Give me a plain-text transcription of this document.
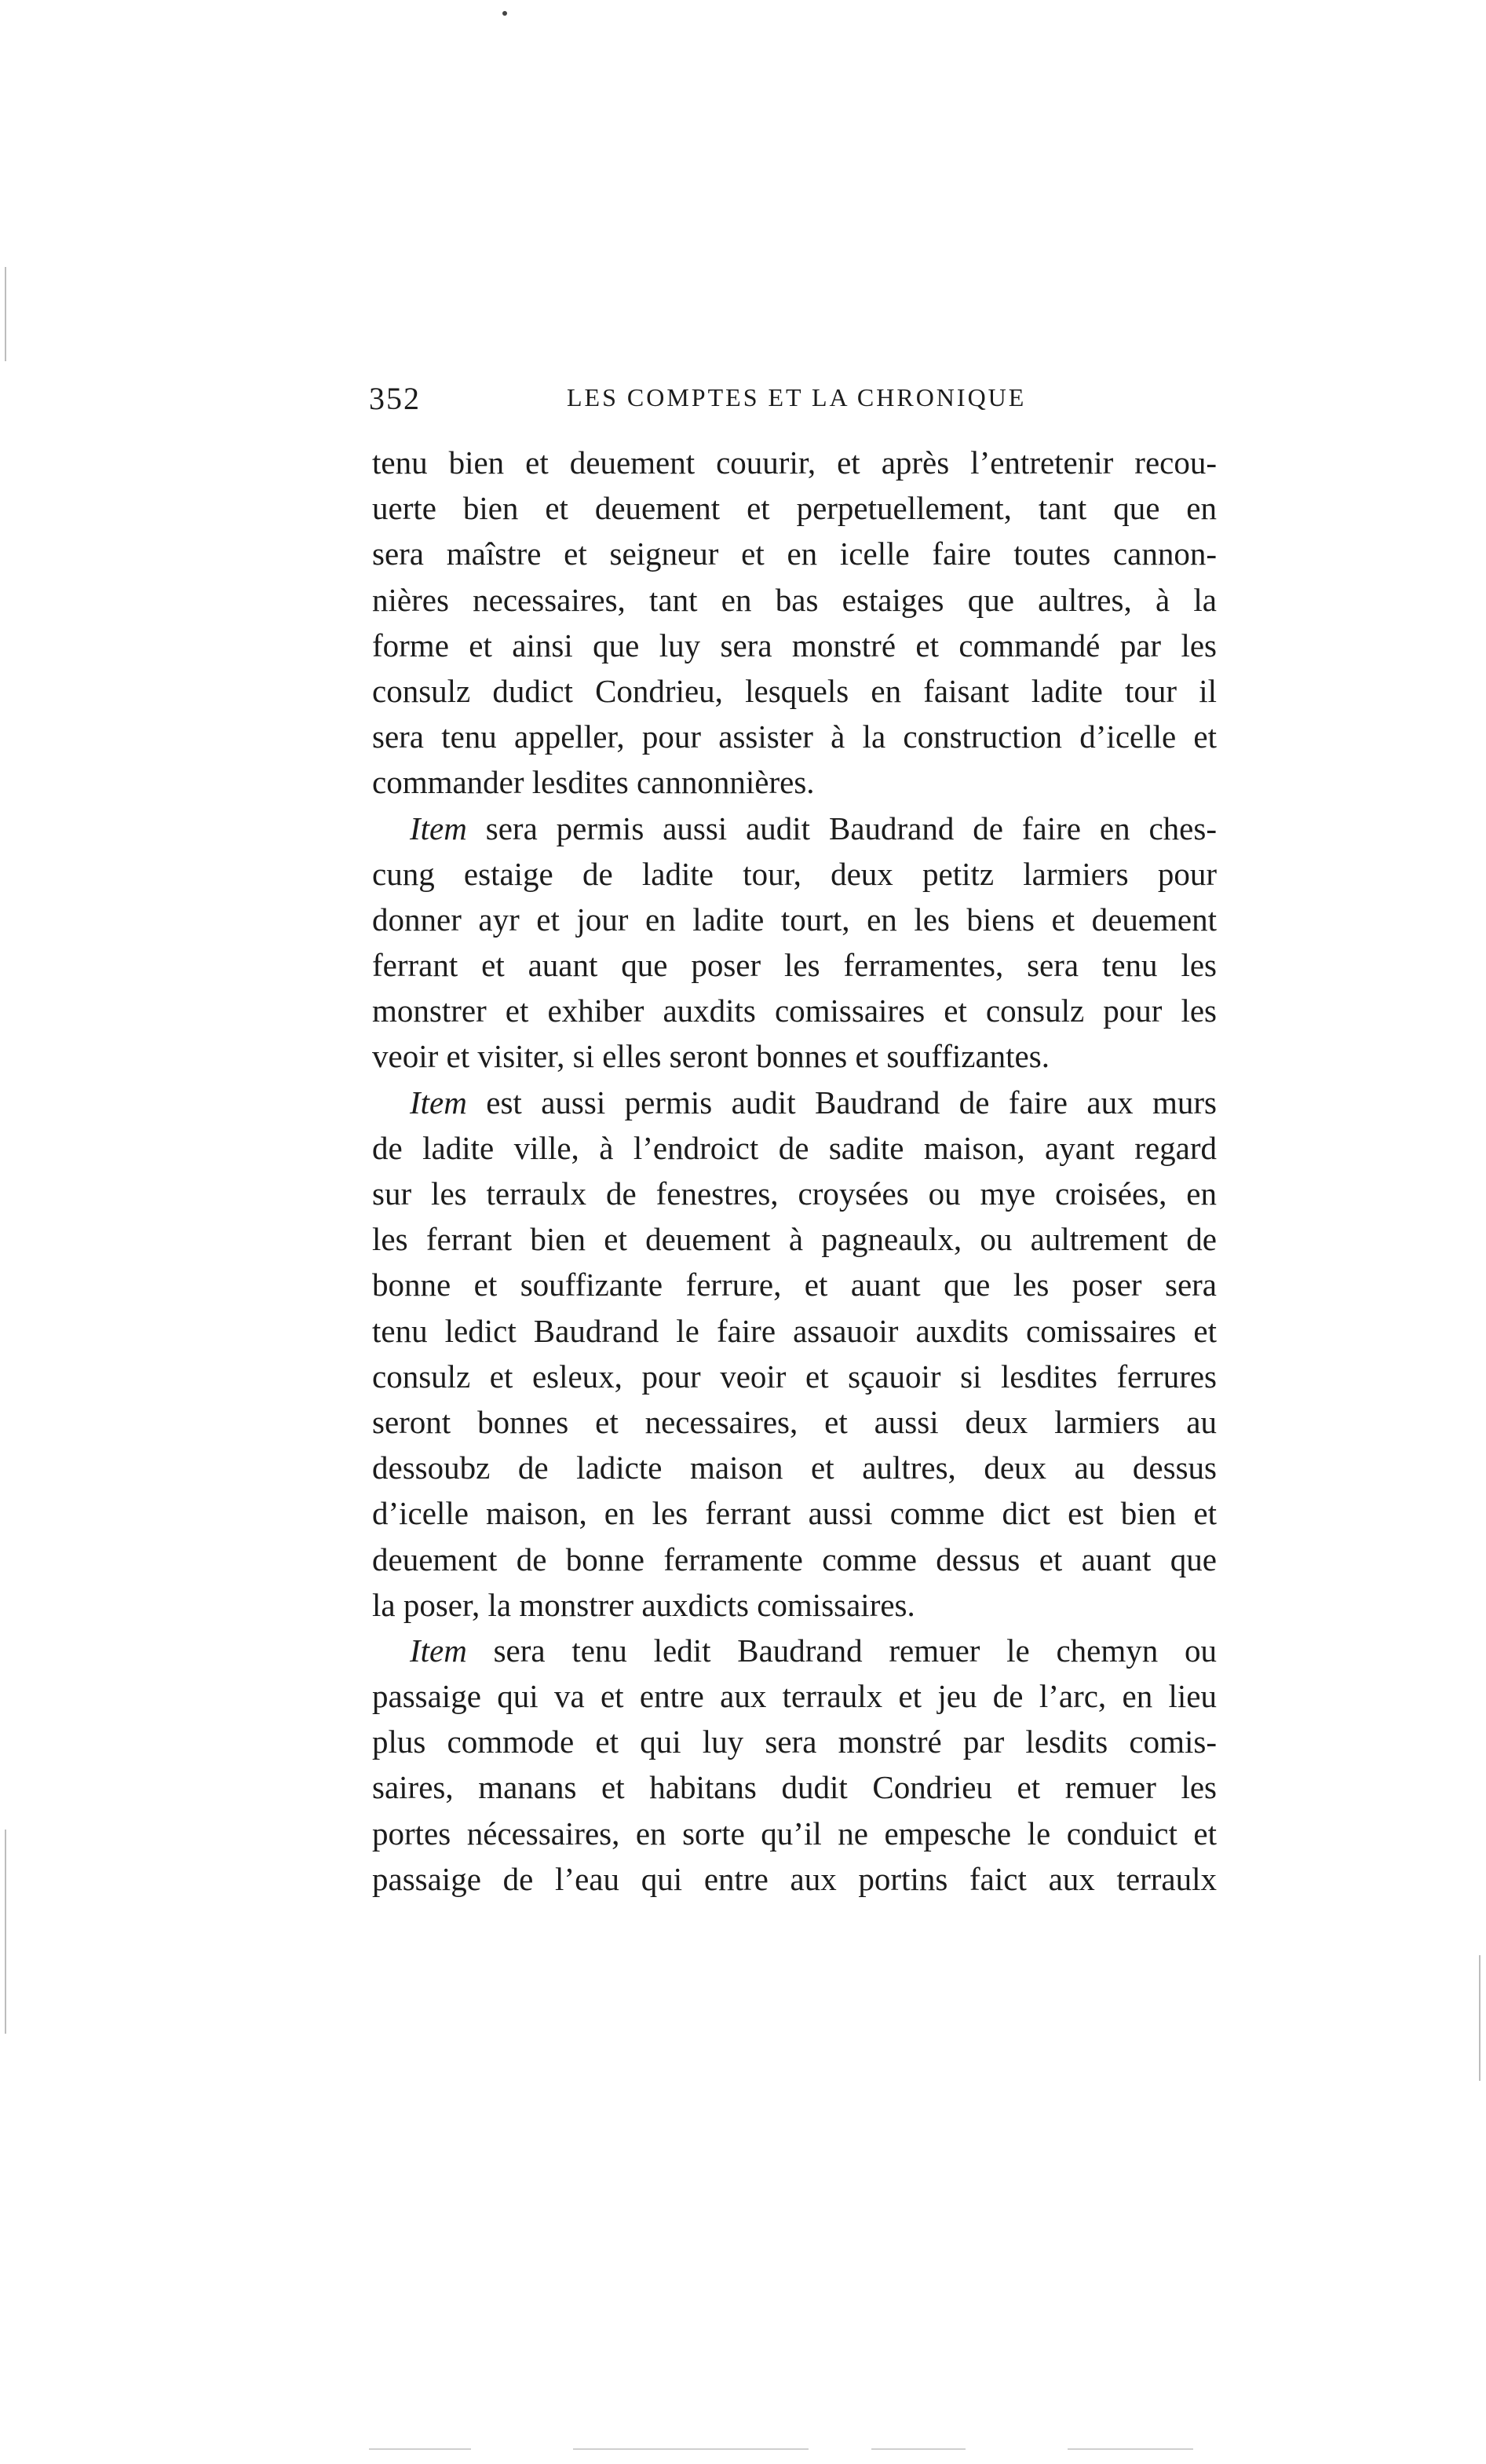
352	LES COMPTES ET LA CHRONIQUE
tenu bien et deuement couurir, et après l’entretenir recou-
uerte bien et deuement et perpetuellement, tant que en
sera maîstre et seigneur et en icelle faire toutes cannon-
nières necessaires, tant en bas estaiges que aultres, à la
forme et ainsi que luy sera monstré et commandé par les
consulz dudict Condrieu, lesquels en faisant ladite tour il
sera tenu appeller, pour assister à la construction d’icelle et
commander lesdites cannonnières.
Item sera permis aussi audit Baudrand de faire en ches-
cung estaige de ladite tour, deux petitz larmiers pour
donner ayr et jour en ladite tourt, en les biens et deuement
ferrant et auant que poser les ferramentes, sera tenu les
monstrer et exhiber auxdits comissaires et consulz pour les
veoir et visiter, si elles seront bonnes et souffizantes.
Item est aussi permis audit Baudrand de faire aux murs
de ladite ville, à l’endroict de sadite maison, ayant regard
sur les terraulx de fenestres, croysées ou mye croisées, en
les ferrant bien et deuement à pagneaulx, ou aultrement de
bonne et souffizante ferrure, et auant que les poser sera
tenu ledict Baudrand le faire assauoir auxdits comissaires et
consulz et esleux, pour veoir et sçauoir si lesdites ferrures
seront bonnes et necessaires, et aussi deux larmiers au
dessoubz de ladicte maison et aultres, deux au dessus
d’icelle maison, en les ferrant aussi comme dict est bien et
deuement de bonne ferramente comme dessus et auant que
la poser, la monstrer auxdicts comissaires.
Item sera tenu ledit Baudrand remuer le chemyn ou
passaige qui va et entre aux terraulx et jeu de l’arc, en lieu
plus commode et qui luy sera monstré par lesdits comis-
saires, manans et habitans dudit Condrieu et remuer les
portes nécessaires, en sorte qu’il ne empesche le conduict et
passaige de l’eau qui entre aux portins faict aux terraulx
